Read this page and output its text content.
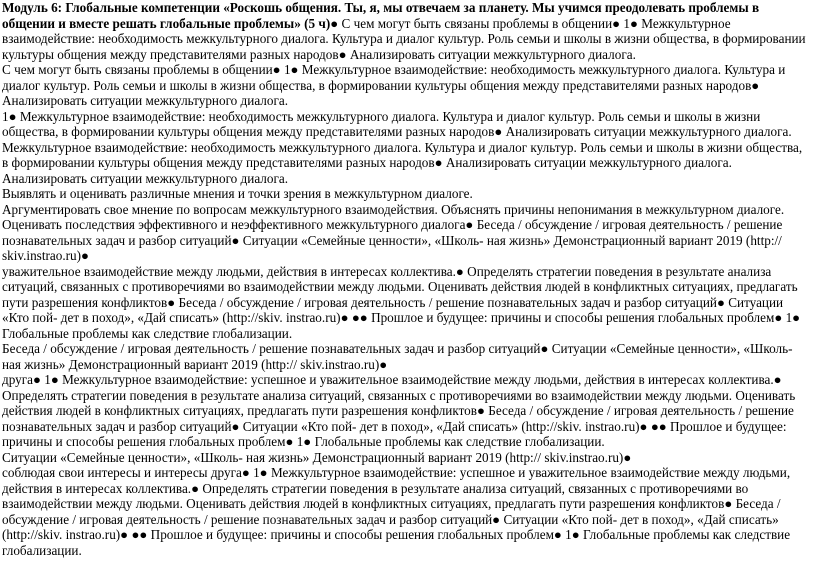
Модуль 6: Глобальные компетенции «Роскошь общения. Ты, я, мы отвечаем за планету. Мы учимся преодолевать проблемы в общении и вместе решать глобальные проблемы» (5 ч)● С чем могут быть связаны проблемы в общении● 1● Межкультурное взаимодействие: необходимость межкультурного диалога. Культура и диалог культур. Роль семьи и школы в жизни общества, в формировании культуры общения между представителями разных народов● Анализировать ситуации межкультурного диалога.

С чем могут быть связаны проблемы в общении● 1● Межкультурное взаимодействие: необходимость межкультурного диалога. Культура и диалог культур. Роль семьи и школы в жизни общества, в формировании культуры общения между представителями разных народов● Анализировать ситуации межкультурного диалога.

1● Межкультурное взаимодействие: необходимость межкультурного диалога. Культура и диалог культур. Роль семьи и школы в жизни общества, в формировании культуры общения между представителями разных народов● Анализировать ситуации межкультурного диалога. Межкультурное взаимодействие: необходимость межкультурного диалога. Культура и диалог культур. Роль семьи и школы в жизни общества, в формировании культуры общения между представителями разных народов● Анализировать ситуации межкультурного диалога. Анализировать ситуации межкультурного диалога.

Выявлять и оценивать различные мнения и точки зрения в межкультурном диалоге.

Аргументировать свое мнение по вопросам межкультурного взаимодействия. Объяснять причины непонимания в межкультурном диалоге. Оценивать последствия эффективного и неэффективного межкультурного диалога● Беседа / обсуждение / игровая деятельность / решение познавательных задач и разбор ситуаций● Ситуации «Семейные ценности», «Школь- ная жизнь» Демонстрационный вариант 2019 (http:// skiv.instrao.ru)●

уважительное взаимодействие между людьми, действия в интересах коллектива.● Определять стратегии поведения в результате анализа ситуаций, связанных с противоречиями во взаимодействии между людьми. Оценивать действия людей в конфликтных ситуациях, предлагать пути разрешения конфликтов● Беседа / обсуждение / игровая деятельность / решение познавательных задач и разбор ситуаций● Ситуации «Кто пой- дет в поход», «Дай списать» (http://skiv. instrao.ru)● ●● Прошлое и будущее: причины и способы решения глобальных проблем● 1● Глобальные проблемы как следствие глобализации.

Беседа / обсуждение / игровая деятельность / решение познавательных задач и разбор ситуаций● Ситуации «Семейные ценности», «Школь- ная жизнь» Демонстрационный вариант 2019 (http:// skiv.instrao.ru)●

друга● 1● Межкультурное взаимодействие: успешное и уважительное взаимодействие между людьми, действия в интересах коллектива.● Определять стратегии поведения в результате анализа ситуаций, связанных с противоречиями во взаимодействии между людьми. Оценивать действия людей в конфликтных ситуациях, предлагать пути разрешения конфликтов● Беседа / обсуждение / игровая деятельность / решение познавательных задач и разбор ситуаций● Ситуации «Кто пой- дет в поход», «Дай списать» (http://skiv. instrao.ru)● ●● Прошлое и будущее: причины и способы решения глобальных проблем● 1● Глобальные проблемы как следствие глобализации.

Ситуации «Семейные ценности», «Школь- ная жизнь» Демонстрационный вариант 2019 (http:// skiv.instrao.ru)●

соблюдая свои интересы и интересы друга● 1● Межкультурное взаимодействие: успешное и уважительное взаимодействие между людьми, действия в интересах коллектива.● Определять стратегии поведения в результате анализа ситуаций, связанных с противоречиями во взаимодействии между людьми. Оценивать действия людей в конфликтных ситуациях, предлагать пути разрешения конфликтов● Беседа / обсуждение / игровая деятельность / решение познавательных задач и разбор ситуаций● Ситуации «Кто пой- дет в поход», «Дай списать» (http://skiv. instrao.ru)● ●● Прошлое и будущее: причины и способы решения глобальных проблем● 1● Глобальные проблемы как следствие глобализации.
